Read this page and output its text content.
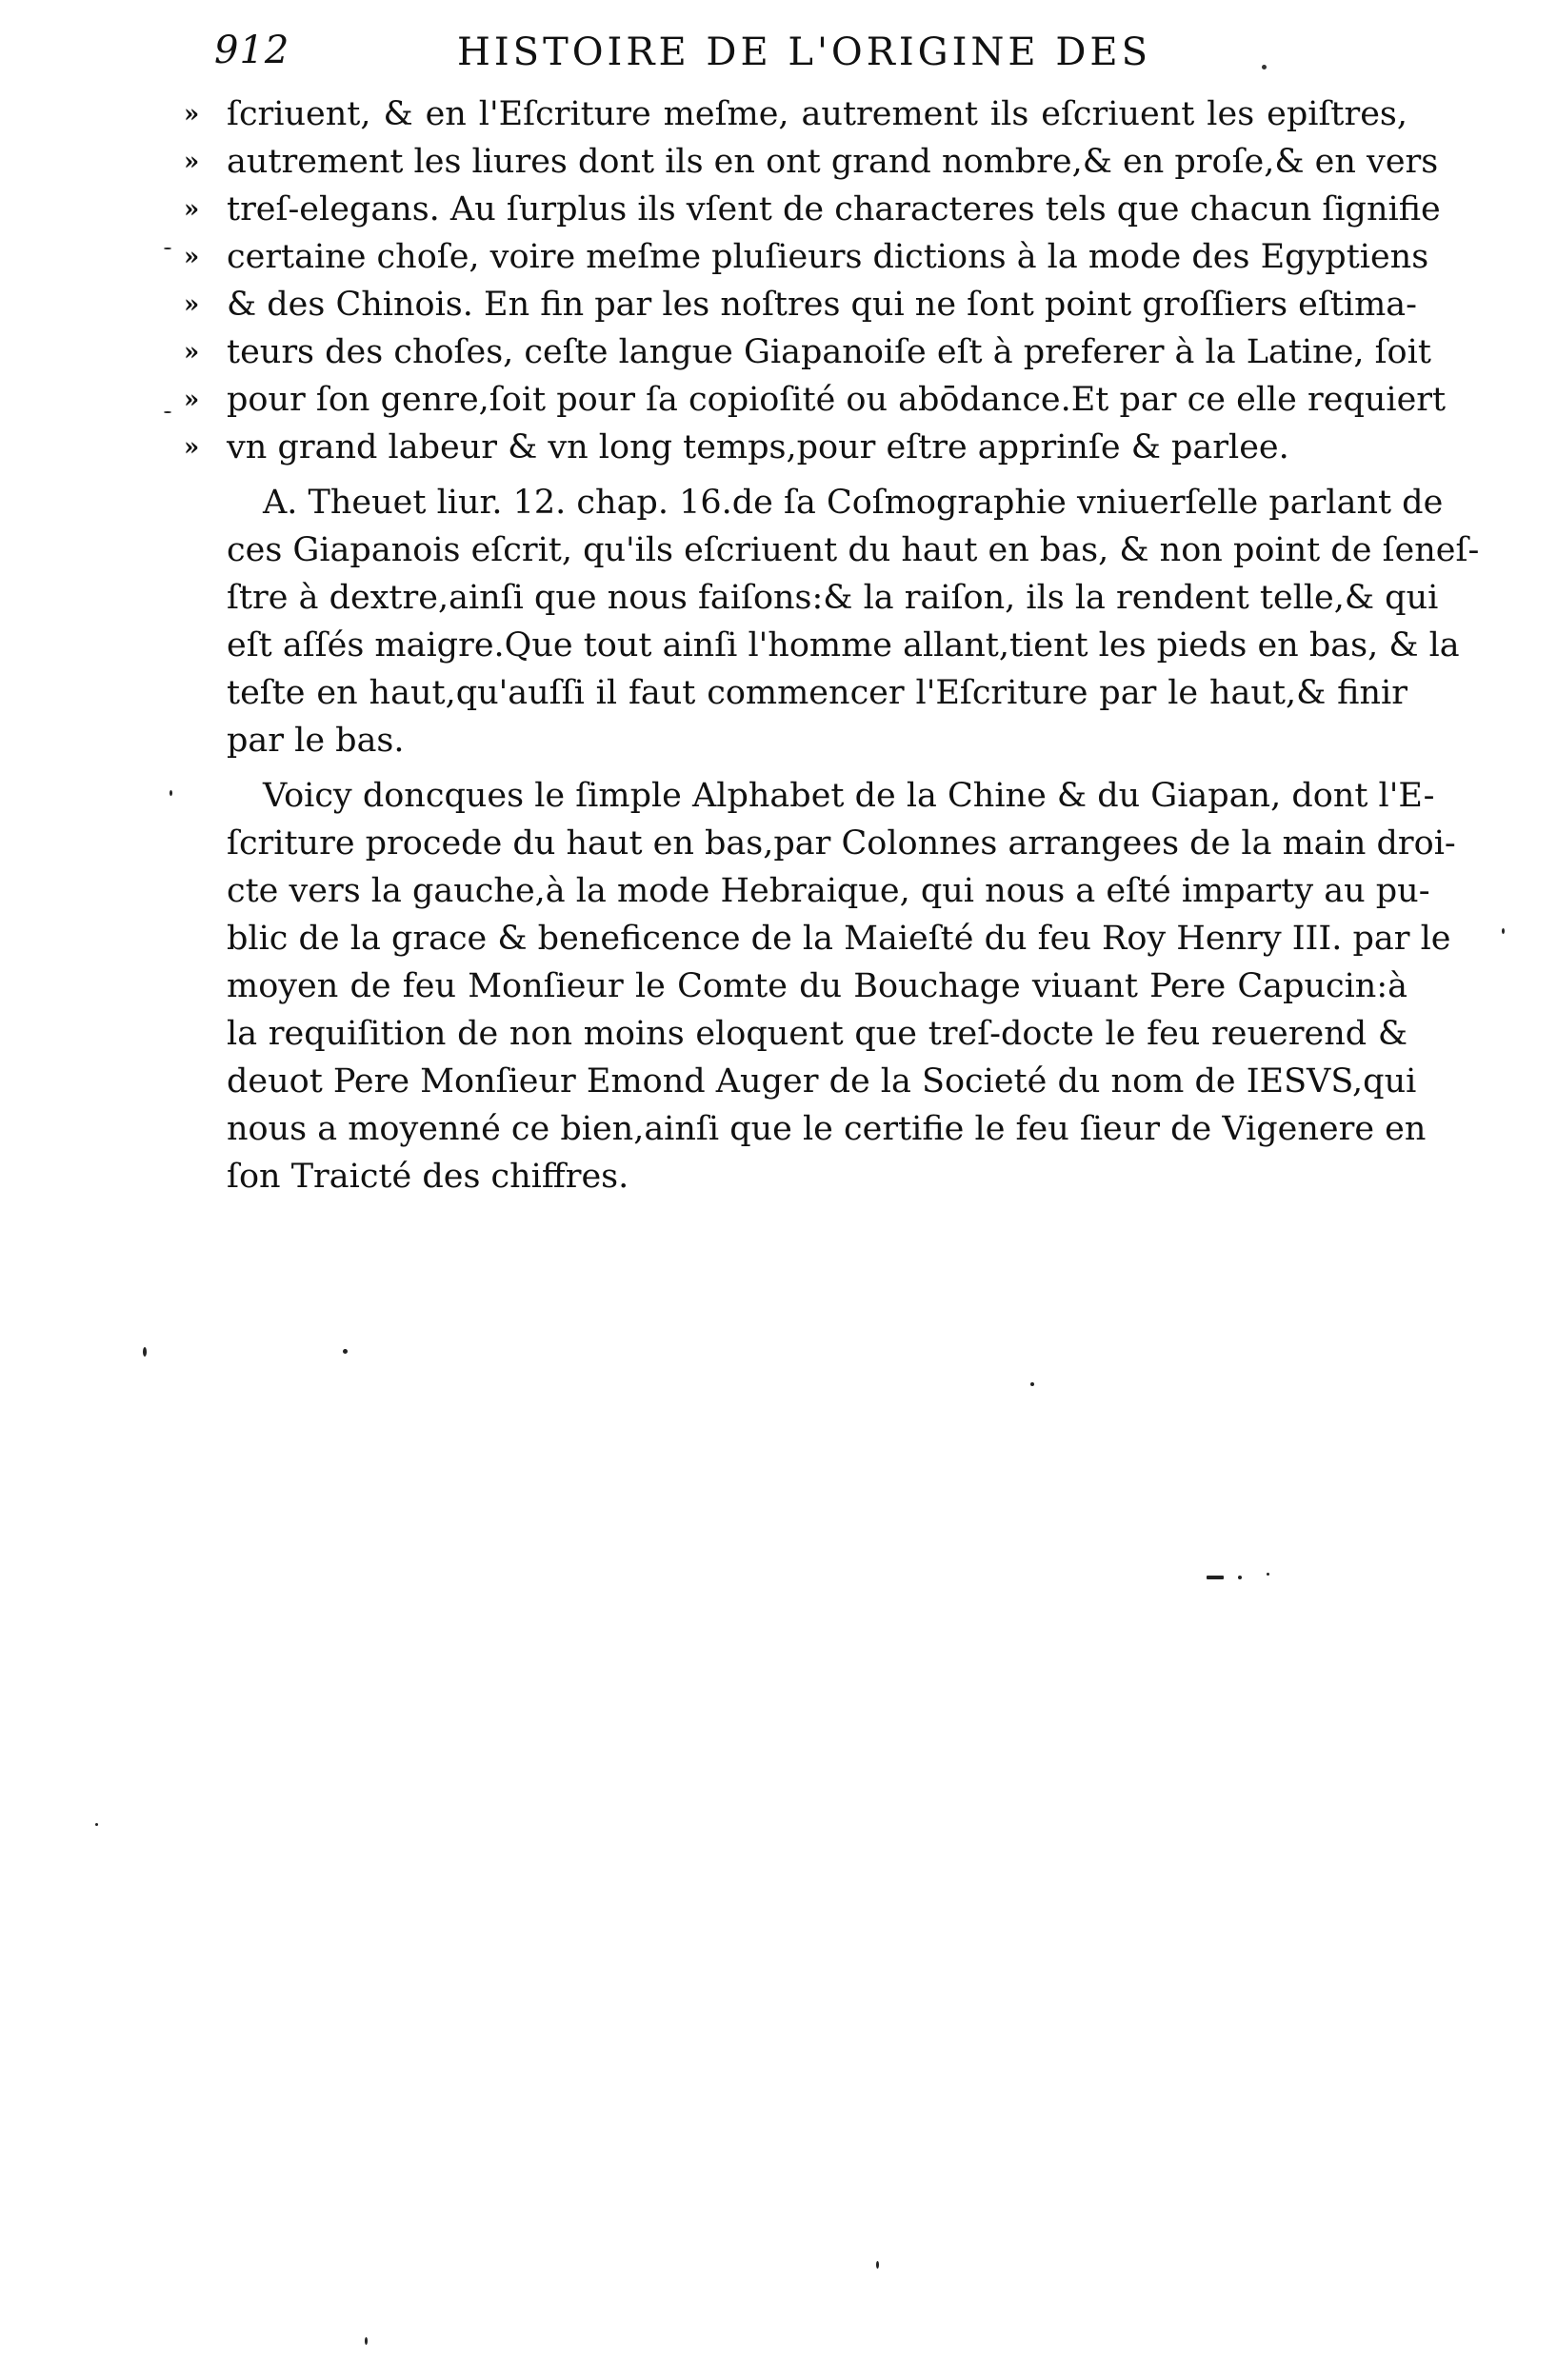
912	HISTOIRE DE L'ORIGINE DES
» ſcriuent, & en l'Eſcriture meſme, autrement ils eſcriuent les epiſtres,
» autrement les liures dont ils en ont grand nombre,& en proſe,& en vers
» treſ-elegans. Au ſurplus ils vſent de characteres tels que chacun ſignifie
» certaine choſe, voire meſme pluſieurs dictions à la mode des Egyptiens
» & des Chinois. En fin par les noſtres qui ne ſont point groſſiers eſtima-
» teurs des choſes, ceſte langue Giapanoiſe eſt à preferer à la Latine, ſoit
» pour ſon genre,ſoit pour ſa copioſité ou abōdance.Et par ce elle requiert
» vn grand labeur & vn long temps,pour eſtre apprinſe & parlee.
A. Theuet liur. 12. chap. 16.de ſa Coſmographie vniuerſelle parlant de
ces Giapanois eſcrit, qu'ils eſcriuent du haut en bas, & non point de ſeneſ-
ſtre à dextre,ainſi que nous faiſons:& la raiſon, ils la rendent telle,& qui
eſt aſſés maigre.Que tout ainſi l'homme allant,tient les pieds en bas, & la
teſte en haut,qu'auſſi il faut commencer l'Eſcriture par le haut,& finir
par le bas.
Voicy doncques le ſimple Alphabet de la Chine & du Giapan, dont l'E-
ſcriture procede du haut en bas,par Colonnes arrangees de la main droi-
cte vers la gauche,à la mode Hebraique, qui nous a eſté imparty au pu-
blic de la grace & beneficence de la Maieſté du feu Roy Henry III. par le
moyen de feu Monſieur le Comte du Bouchage viuant Pere Capucin:à
la requiſition de non moins eloquent que treſ-docte le feu reuerend &
deuot Pere Monſieur Emond Auger de la Societé du nom de IESVS,qui
nous a moyenné ce bien,ainſi que le certifie le feu ſieur de Vigenere en
ſon Traicté des chiffres.
